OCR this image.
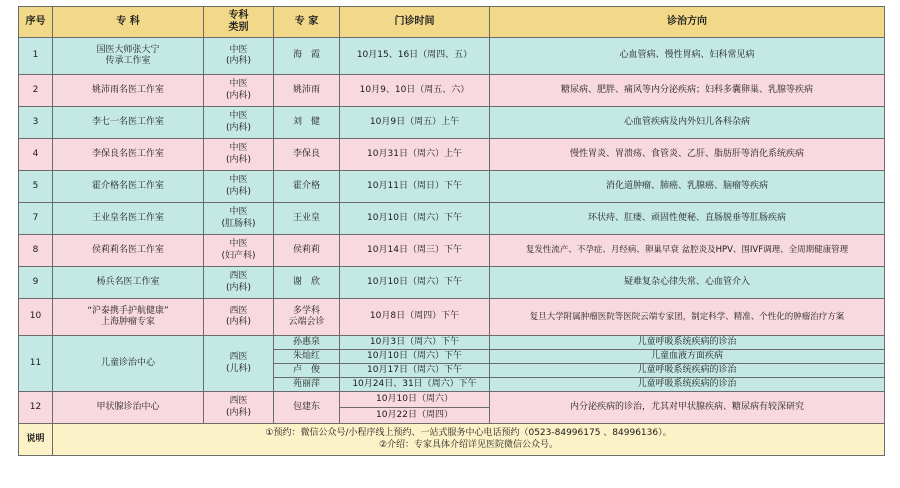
序号	专 科	专科
类别	专 家	门诊时间	诊治方向
1	国医大师张大宁
传承工作室	中医
(内科)	海　霞	10月15、16日（周四、五）	心血管病、慢性胃病、妇科常见病
2	姚沛雨名医工作室	中医
(内科)	姚沛雨	10月9、10日（周五、六）	糖尿病、肥胖、痛风等内分泌疾病；妇科多囊卵巢、乳腺等疾病
3	李七一名医工作室	中医
(内科)	刘　健	10月9日（周五）上午	心血管疾病及内外妇儿各科杂病
4	李保良名医工作室	中医
(内科)	李保良	10月31日（周六）上午	慢性胃炎、胃溃疡、食管炎、乙肝、脂肪肝等消化系统疾病
5	霍介格名医工作室	中医
(内科)	霍介格	10月11日（周日）下午	消化道肿瘤、肺癌、乳腺癌、脑瘤等疾病
7	王业皇名医工作室	中医
(肛肠科)	王业皇	10月10日（周六）下午	环状痔、肛瘘、顽固性便秘、直肠脱垂等肛肠疾病
8	侯莉莉名医工作室	中医
(妇产科)	侯莉莉	10月14日（周三）下午	复发性流产、不孕症、月经病、卵巢早衰 盆腔炎及HPV、围IVF调理、全周期健康管理
9	杨兵名医工作室	西医
(内科)	谢　欣	10月10日（周六）下午	疑难复杂心律失常、心血管介入
10	“沪泰携手护航健康”
上海肿瘤专家	西医
(内科)	多学科
云端会诊	10月8日（周四）下午	复旦大学附属肿瘤医院等医院云端专家团，制定科学、精准、个性化的肿瘤治疗方案
11	儿童诊治中心	西医
(儿科)	孙惠泉	10月3日（周六）下午	儿童呼吸系统疾病的诊治
			朱灿红	10月10日（周六）下午	儿童血液方面疾病
			卢　俊	10月17日（周六）下午	儿童呼吸系统疾病的诊治
			苑丽萍	10月24日、31日（周六）下午	儿童呼吸系统疾病的诊治
12	甲状腺诊治中心	西医
(内科)	包建东	10月10日（周六）	内分泌疾病的诊治，尤其对甲状腺疾病、糖尿病有较深研究
				10月22日（周四）	
说明	①预约：微信公众号/小程序线上预约、一站式服务中心电话预约（0523-84996175 、84996136）。
②介绍：专家具体介绍详见医院微信公众号。				
